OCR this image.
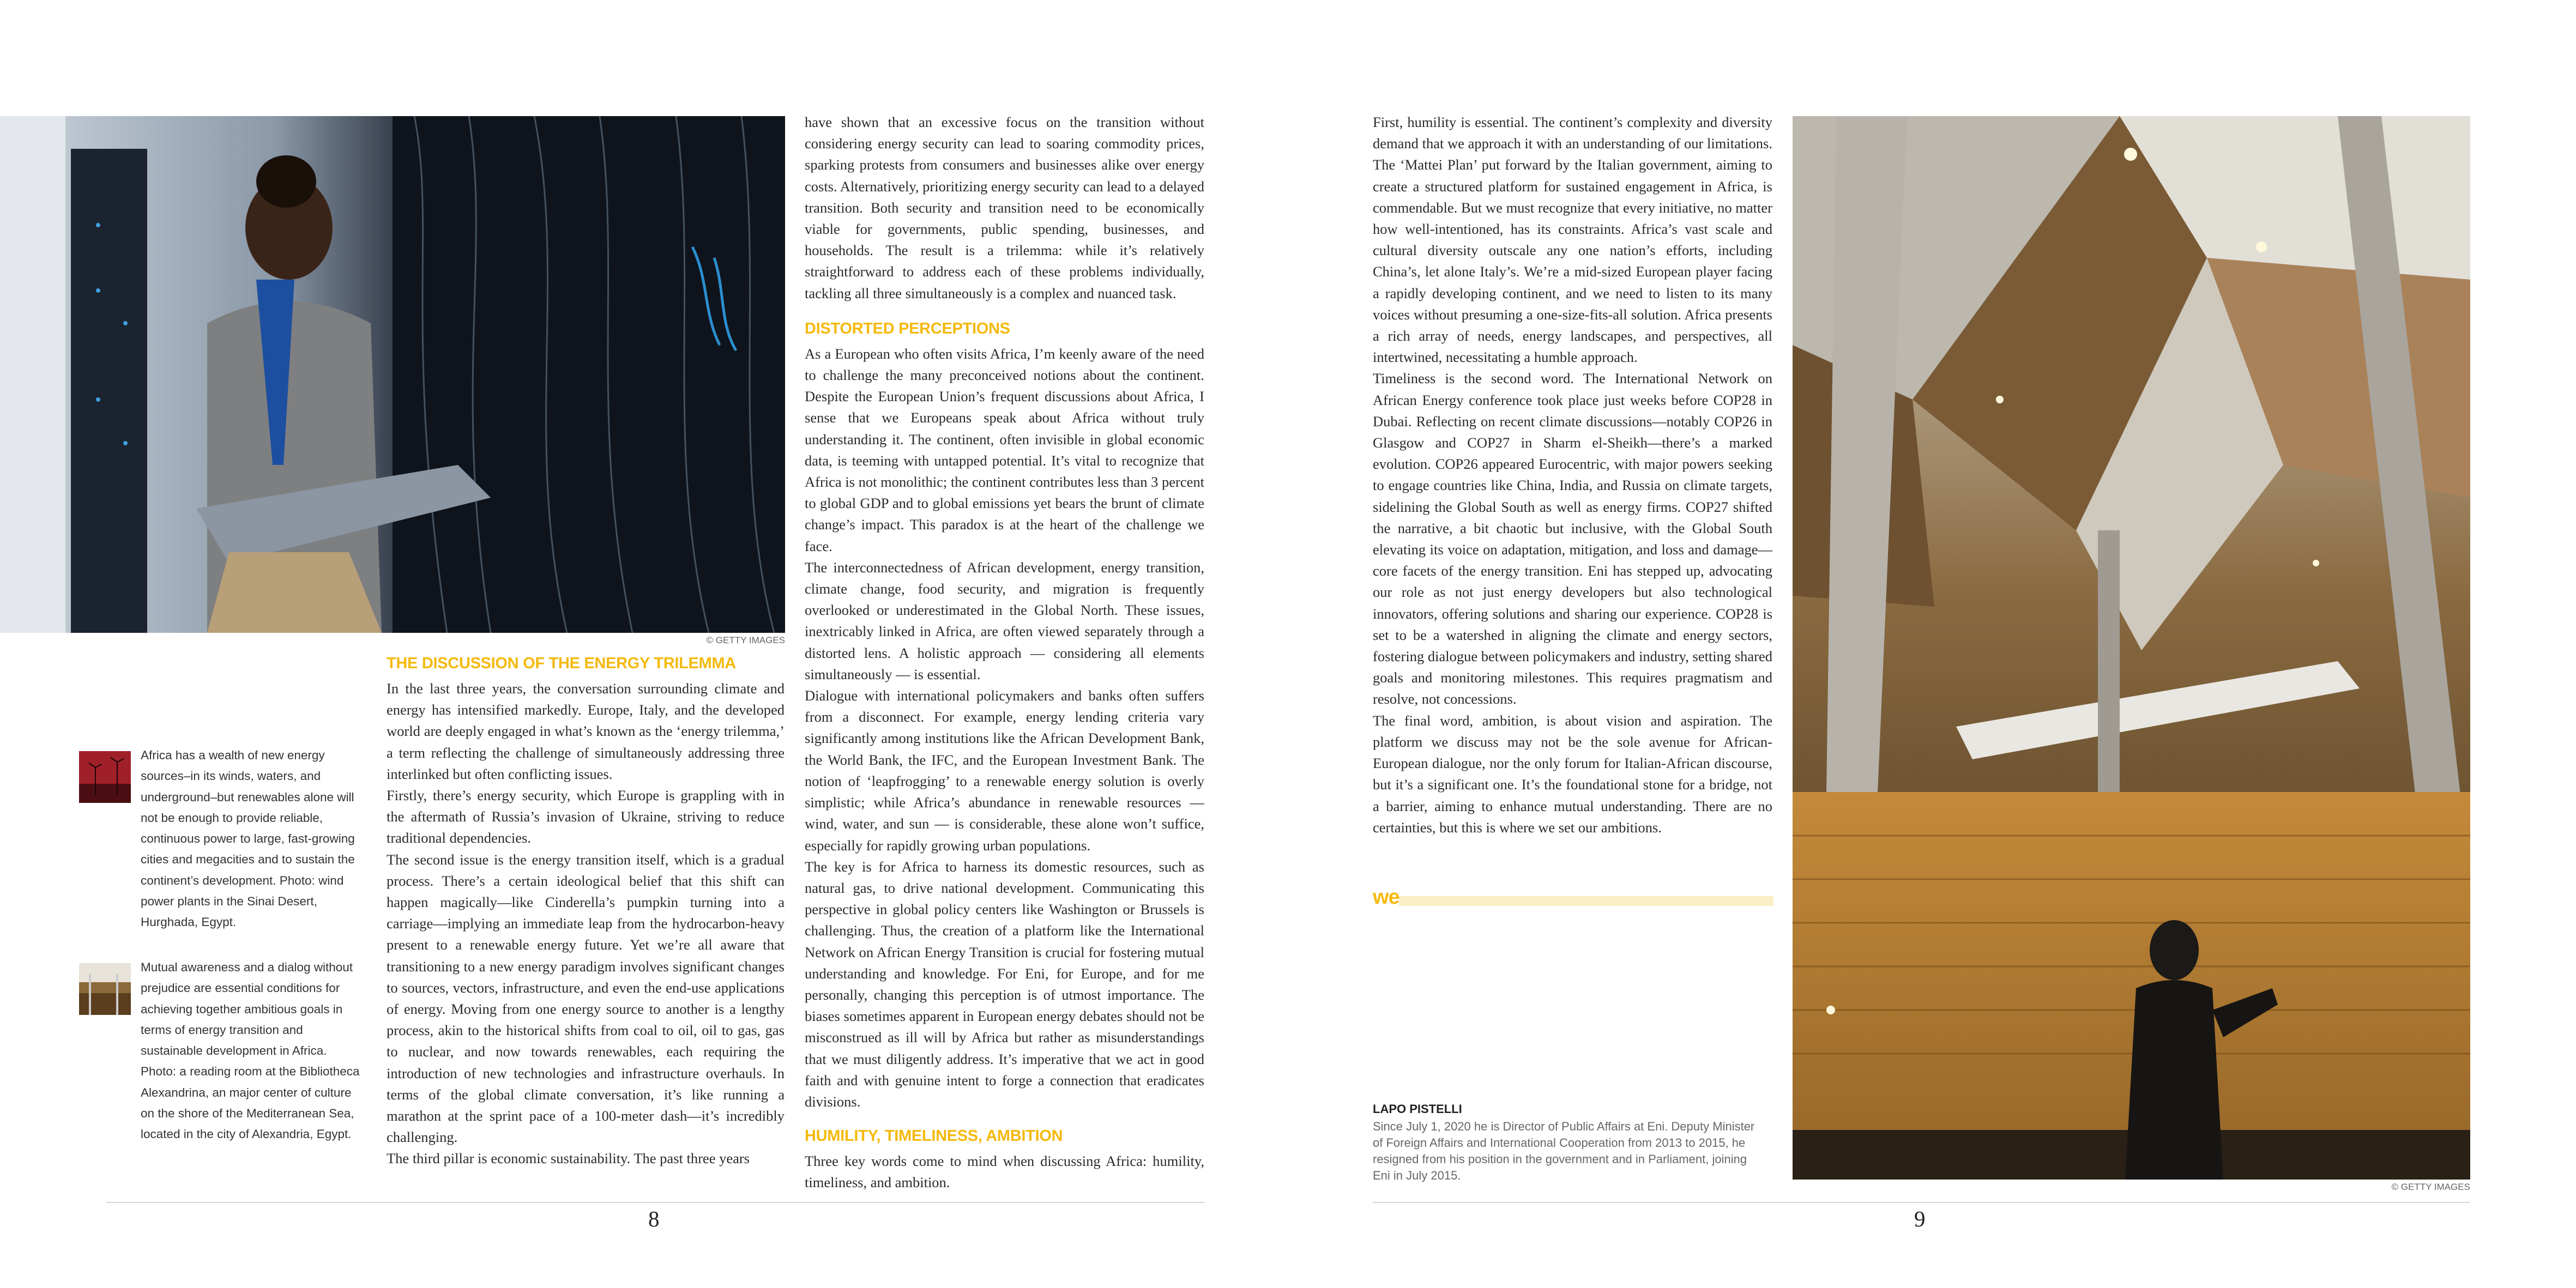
© GETTY IMAGES
Africa has a wealth of new energy sources–in its winds, waters, and underground–but renewables alone will not be enough to provide reliable, continuous power to large, fast-growing cities and megacities and to sustain the continent’s development. Photo: wind power plants in the Sinai Desert, Hurghada, Egypt.
Mutual awareness and a dialog without prejudice are essential conditions for achieving together ambitious goals in terms of energy transition and sustainable development in Africa. Photo: a reading room at the Bibliotheca Alexandrina, an major center of culture on the shore of the Mediterranean Sea, located in the city of Alexandria, Egypt.
THE DISCUSSION OF THE ENERGY TRILEMMA

In the last three years, the conversation surrounding climate and energy has intensified markedly. Europe, Italy, and the developed world are deeply engaged in what’s known as the ‘energy trilemma,’ a term reflecting the challenge of simultaneously addressing three interlinked but often conflicting issues.

Firstly, there’s energy security, which Europe is grappling with in the aftermath of Russia’s invasion of Ukraine, striving to reduce traditional dependencies.

The second issue is the energy transition itself, which is a gradual process. There’s a certain ideological belief that this shift can happen magically—like Cinderella’s pumpkin turning into a carriage—implying an immediate leap from the hydrocarbon-heavy present to a renewable energy future. Yet we’re all aware that transitioning to a new energy paradigm involves significant changes to sources, vectors, infrastructure, and even the end-use applications of energy. Moving from one energy source to another is a lengthy process, akin to the historical shifts from coal to oil, oil to gas, gas to nuclear, and now towards renewables, each requiring the introduction of new technologies and infrastructure overhauls. In terms of the global climate conversation, it’s like running a marathon at the sprint pace of a 100-meter dash—it’s incredibly challenging.

The third pillar is economic sustainability. The past three years

have shown that an excessive focus on the transition without considering energy security can lead to soaring commodity prices, sparking protests from consumers and businesses alike over energy costs. Alternatively, prioritizing energy security can lead to a delayed transition. Both security and transition need to be economically viable for governments, public spending, businesses, and households. The result is a trilemma: while it’s relatively straightforward to address each of these problems individually, tackling all three simultaneously is a complex and nuanced task.

DISTORTED PERCEPTIONS

As a European who often visits Africa, I’m keenly aware of the need to challenge the many preconceived notions about the continent. Despite the European Union’s frequent discussions about Africa, I sense that we Europeans speak about Africa without truly understanding it. The continent, often invisible in global economic data, is teeming with untapped potential. It’s vital to recognize that Africa is not monolithic; the continent contributes less than 3 percent to global GDP and to global emissions yet bears the brunt of climate change’s impact. This paradox is at the heart of the challenge we face.

The interconnectedness of African development, energy transition, climate change, food security, and migration is frequently overlooked or underestimated in the Global North. These issues, inextricably linked in Africa, are often viewed separately through a distorted lens. A holistic approach — considering all elements simultaneously — is essential.

Dialogue with international policymakers and banks often suffers from a disconnect. For example, energy lending criteria vary significantly among institutions like the African Development Bank, the World Bank, the IFC, and the European Investment Bank. The notion of ‘leapfrogging’ to a renewable energy solution is overly simplistic; while Africa’s abundance in renewable resources — wind, water, and sun — is considerable, these alone won’t suffice, especially for rapidly growing urban populations.

The key is for Africa to harness its domestic resources, such as natural gas, to drive national development. Communicating this perspective in global policy centers like Washington or Brussels is challenging. Thus, the creation of a platform like the International Network on African Energy Transition is crucial for fostering mutual understanding and knowledge. For Eni, for Europe, and for me personally, changing this perception is of utmost importance. The biases sometimes apparent in European energy debates should not be misconstrued as ill will by Africa but rather as misunderstandings that we must diligently address. It’s imperative that we act in good faith and with genuine intent to forge a connection that eradicates divisions.

HUMILITY, TIMELINESS, AMBITION

Three key words come to mind when discussing Africa: humility, timeliness, and ambition.

8

First, humility is essential. The continent’s complexity and diversity demand that we approach it with an understanding of our limitations. The ‘Mattei Plan’ put forward by the Italian government, aiming to create a structured platform for sustained engagement in Africa, is commendable. But we must recognize that every initiative, no matter how well-intentioned, has its constraints. Africa’s vast scale and cultural diversity outscale any one nation’s efforts, including China’s, let alone Italy’s. We’re a mid-sized European player facing a rapidly developing continent, and we need to listen to its many voices without presuming a one-size-fits-all solution. Africa presents a rich array of needs, energy landscapes, and perspectives, all intertwined, necessitating a humble approach.

Timeliness is the second word. The International Network on African Energy conference took place just weeks before COP28 in Dubai. Reflecting on recent climate discussions—notably COP26 in Glasgow and COP27 in Sharm el-Sheikh—there’s a marked evolution. COP26 appeared Eurocentric, with major powers seeking to engage countries like China, India, and Russia on climate targets, sidelining the Global South as well as energy firms. COP27 shifted the narrative, a bit chaotic but inclusive, with the Global South elevating its voice on adaptation, mitigation, and loss and damage—core facets of the energy transition. Eni has stepped up, advocating our role as not just energy developers but also technological innovators, offering solutions and sharing our experience. COP28 is set to be a watershed in aligning the climate and energy sectors, fostering dialogue between policymakers and industry, setting shared goals and monitoring milestones. This requires pragmatism and resolve, not concessions.

The final word, ambition, is about vision and aspiration. The platform we discuss may not be the sole avenue for African-European dialogue, nor the only forum for Italian-African discourse, but it’s a significant one. It’s the foundational stone for a bridge, not a barrier, aiming to enhance mutual understanding. There are no certainties, but this is where we set our ambitions.

we
LAPO PISTELLI

Since July 1, 2020 he is Director of Public Affairs at Eni. Deputy Minister of Foreign Affairs and International Cooperation from 2013 to 2015, he resigned from his position in the government and in Parliament, joining Eni in July 2015.

© GETTY IMAGES
9
